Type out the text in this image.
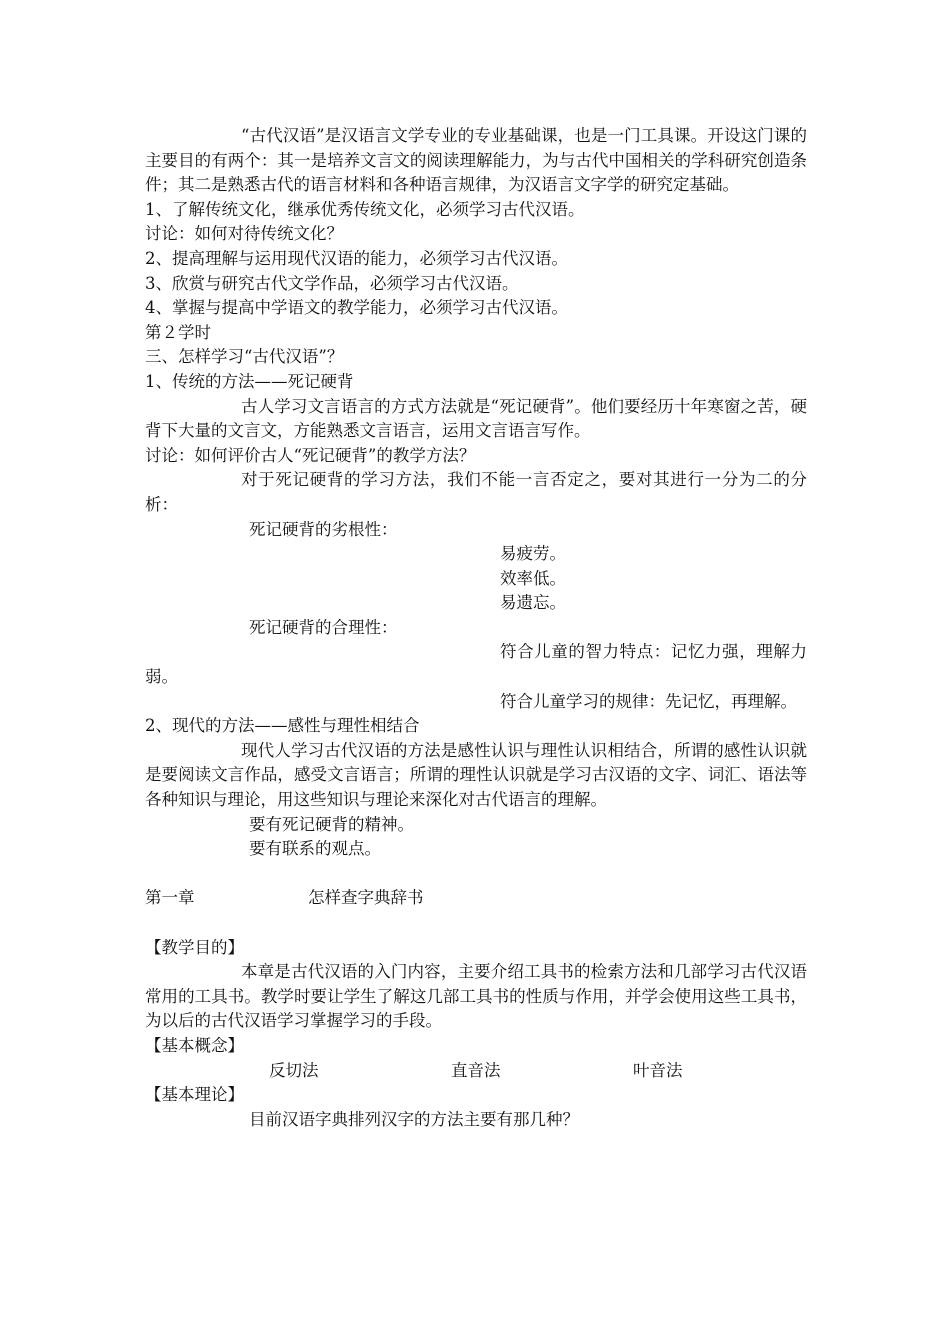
“古代汉语”是汉语言文学专业的专业基础课，也是一门工具课。开设这门课的主要目的有两个：其一是培养文言文的阅读理解能力，为与古代中国相关的学科研究创造条件；其二是熟悉古代的语言材料和各种语言规律，为汉语言文字学的研究定基础。

1、了解传统文化，继承优秀传统文化，必须学习古代汉语。

讨论：如何对待传统文化？

2、提高理解与运用现代汉语的能力，必须学习古代汉语。

3、欣赏与研究古代文学作品，必须学习古代汉语。

4、掌握与提高中学语文的教学能力，必须学习古代汉语。

第２学时

三、怎样学习“古代汉语”？

1、传统的方法——死记硬背

古人学习文言语言的方式方法就是“死记硬背”。他们要经历十年寒窗之苦，硬背下大量的文言文，方能熟悉文言语言，运用文言语言写作。

讨论：如何评价古人“死记硬背”的教学方法？

对于死记硬背的学习方法，我们不能一言否定之，要对其进行一分为二的分析：

死记硬背的劣根性：

易疲劳。

效率低。

易遗忘。

死记硬背的合理性：

符合儿童的智力特点：记忆力强，理解力弱。

符合儿童学习的规律：先记忆，再理解。

2、现代的方法——感性与理性相结合

现代人学习古代汉语的方法是感性认识与理性认识相结合，所谓的感性认识就是要阅读文言作品，感受文言语言；所谓的理性认识就是学习古汉语的文字、词汇、语法等各种知识与理论，用这些知识与理论来深化对古代语言的理解。

要有死记硬背的精神。

要有联系的观点。

第一章	怎样查字典辞书

【教学目的】

本章是古代汉语的入门内容，主要介绍工具书的检索方法和几部学习古代汉语常用的工具书。教学时要让学生了解这几部工具书的性质与作用，并学会使用这些工具书，为以后的古代汉语学习掌握学习的手段。

【基本概念】

反切法	直音法	叶音法

【基本理论】

目前汉语字典排列汉字的方法主要有那几种？
